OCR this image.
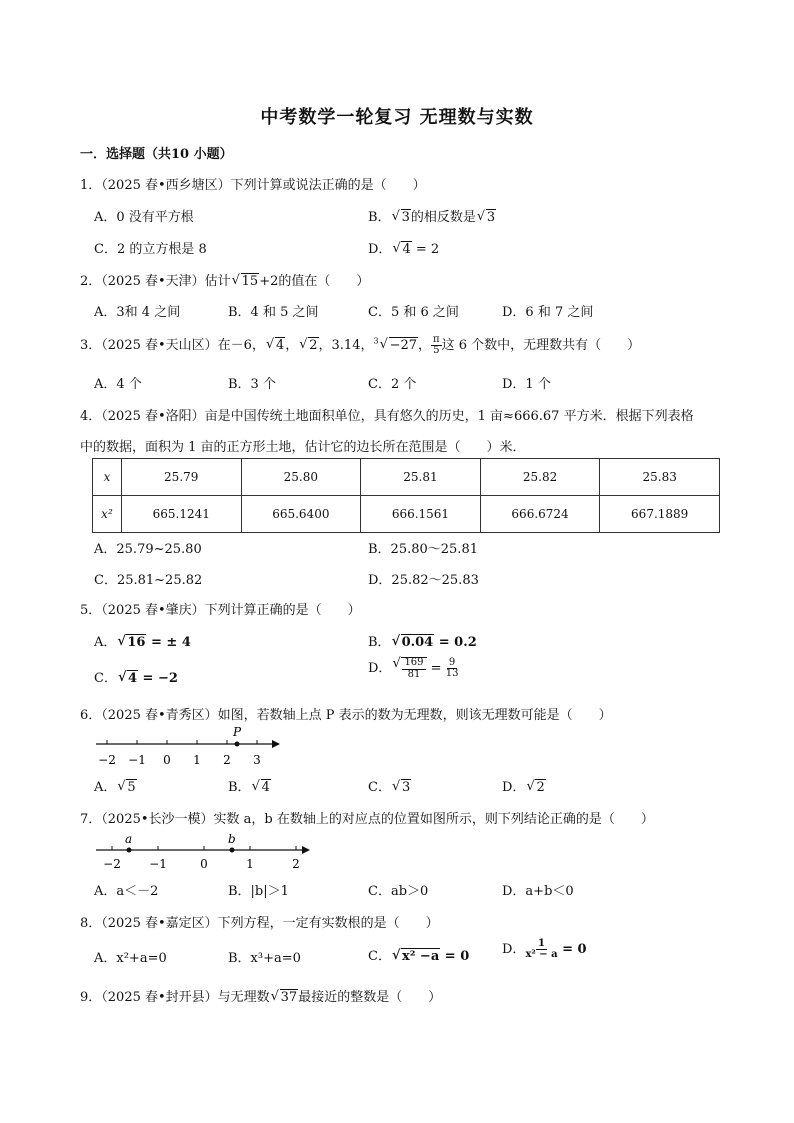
中考数学一轮复习 无理数与实数
一．选择题（共10 小题）
1．（2025 春•西乡塘区）下列计算或说法正确的是（　　）
A．0 没有平方根	B． √ 3的相反数是 √ 3
C．2 的立方根是 8	D． √ 4 = 2
2．（2025 春•天津）估计 √ 15+2的值在（　　）
A．3和 4 之间	B．4 和 5 之间	C．5 和 6 之间	D．6 和 7 之间
3．（2025 春•天山区）在－6， √ 4， √ 2，3.14，$^3$ √ −27， $\frac{\pi}{5}$ 这 6 个数中，无理数共有（　　）
A．4 个	B．3 个	C．2 个	D．1 个
4．（2025 春•洛阳）亩是中国传统土地面积单位，具有悠久的历史，1 亩≈666.67 平方米．根据下列表格
中的数据，面积为 1 亩的正方形土地，估计它的边长所在范围是（　　）米．
x	25.79	25.80	25.81	25.82	25.83
x²	665.1241	665.6400	666.1561	666.6724	667.1889
A．25.79~25.80	B．25.80～25.81
C．25.81~25.82	D．25.82～25.83
5．（2025 春•肇庆）下列计算正确的是（　　）
A． √ 16 = ± 4	B． √ 0.04 = 0.2
C． √ 4 = −2
D． √ $\frac{169}{81} = \frac{9}{13}$
6．（2025 春•青秀区）如图，若数轴上点 P 表示的数为无理数，则该无理数可能是（　　）
−2 −1 0 1 2 3
P
A． √ 5	B． √ 4	C． √ 3	D． √ 2
7．（2025•长沙一模）实数 a，b 在数轴上的对应点的位置如图所示，则下列结论正确的是（　　）
−2 −1	0	1	2
a	b
A．a＜－2	B．|b|＞1	C．ab＞0	D．a+b＜0
8．（2025 春•嘉定区）下列方程，一定有实数根的是（　　）
A．x²+a=0	B．x³+a=0	C． √ x² −a = 0	D． $\frac{1}{\text{x² − a}} = 0$
9．（2025 春•封开县）与无理数 √ 37最接近的整数是（　　）
